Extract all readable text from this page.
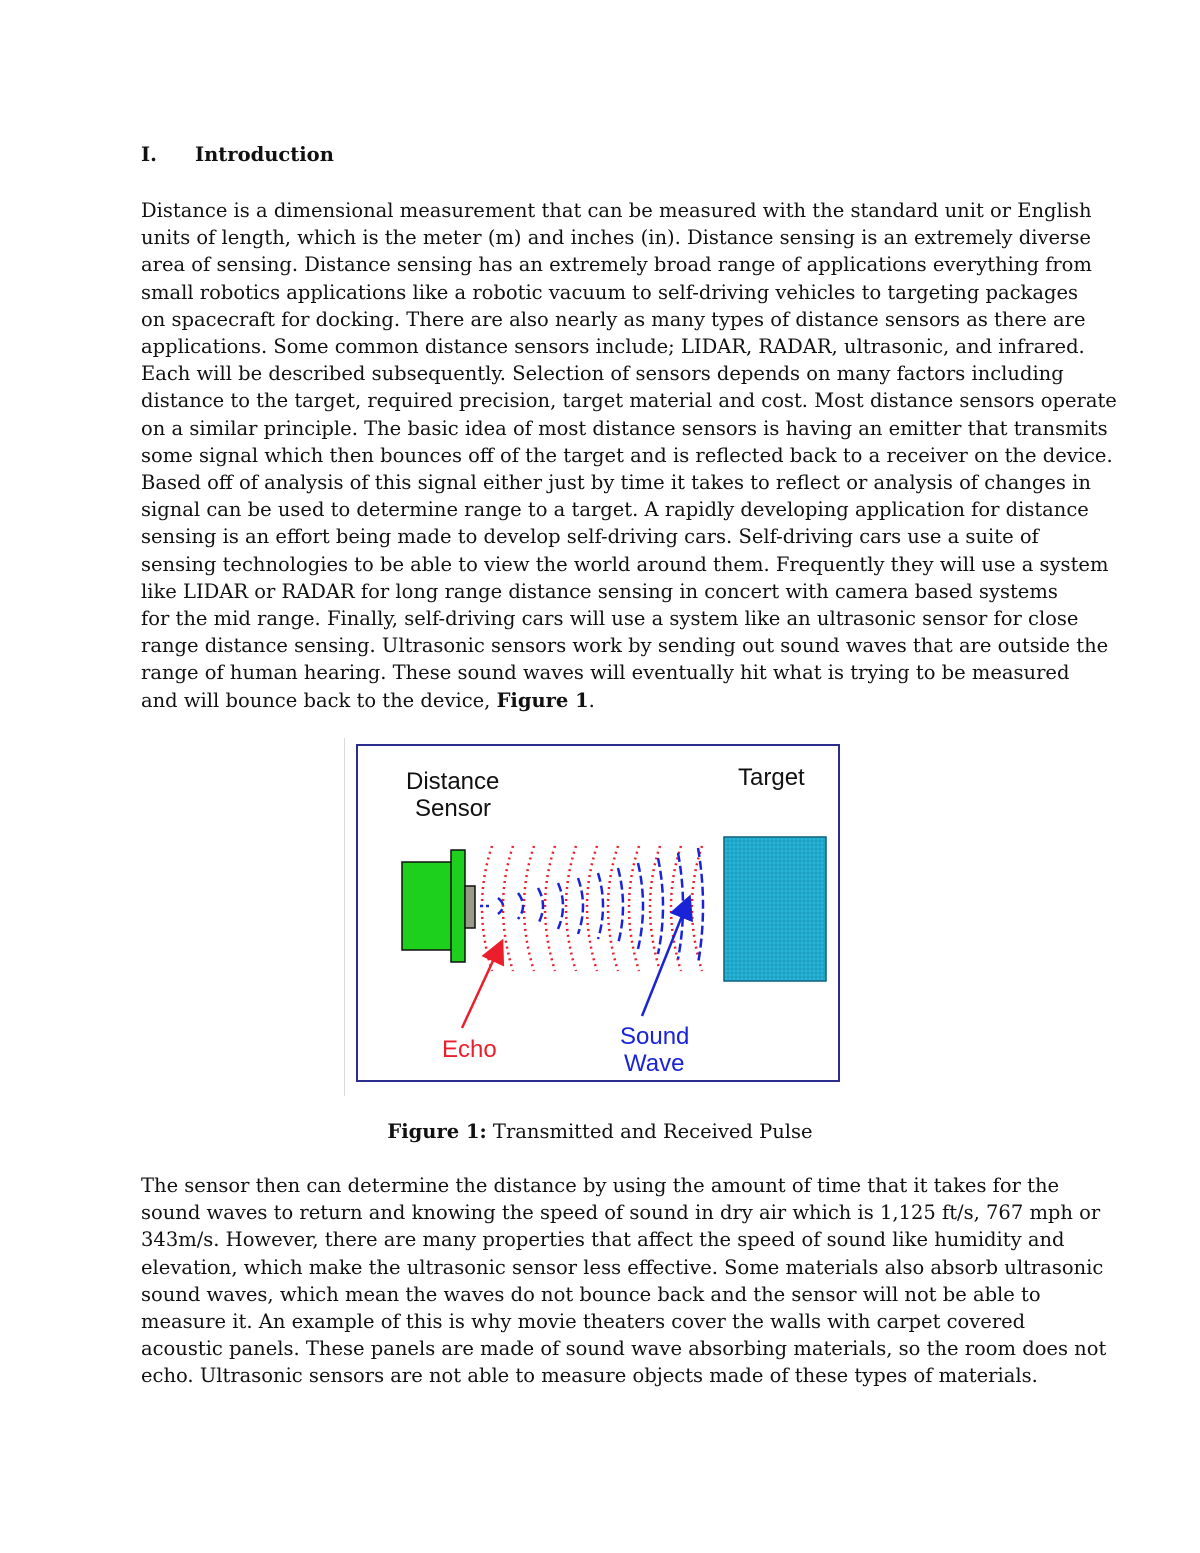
I. Introduction
Distance is a dimensional measurement that can be measured with the standard unit or English
units of length, which is the meter (m) and inches (in). Distance sensing is an extremely diverse
area of sensing. Distance sensing has an extremely broad range of applications everything from
small robotics applications like a robotic vacuum to self-driving vehicles to targeting packages
on spacecraft for docking. There are also nearly as many types of distance sensors as there are
applications. Some common distance sensors include; LIDAR, RADAR, ultrasonic, and infrared.
Each will be described subsequently. Selection of sensors depends on many factors including
distance to the target, required precision, target material and cost. Most distance sensors operate
on a similar principle. The basic idea of most distance sensors is having an emitter that transmits
some signal which then bounces off of the target and is reflected back to a receiver on the device.
Based off of analysis of this signal either just by time it takes to reflect or analysis of changes in
signal can be used to determine range to a target. A rapidly developing application for distance
sensing is an effort being made to develop self-driving cars. Self-driving cars use a suite of
sensing technologies to be able to view the world around them. Frequently they will use a system
like LIDAR or RADAR for long range distance sensing in concert with camera based systems
for the mid range. Finally, self-driving cars will use a system like an ultrasonic sensor for close
range distance sensing. Ultrasonic sensors work by sending out sound waves that are outside the
range of human hearing. These sound waves will eventually hit what is trying to be measured
and will bounce back to the device, Figure 1.
Distance
Sensor
Target
Echo	Sound
Wave
Figure 1: Transmitted and Received Pulse
The sensor then can determine the distance by using the amount of time that it takes for the
sound waves to return and knowing the speed of sound in dry air which is 1,125 ft/s, 767 mph or
343m/s. However, there are many properties that affect the speed of sound like humidity and
elevation, which make the ultrasonic sensor less effective. Some materials also absorb ultrasonic
sound waves, which mean the waves do not bounce back and the sensor will not be able to
measure it. An example of this is why movie theaters cover the walls with carpet covered
acoustic panels. These panels are made of sound wave absorbing materials, so the room does not
echo. Ultrasonic sensors are not able to measure objects made of these types of materials.
